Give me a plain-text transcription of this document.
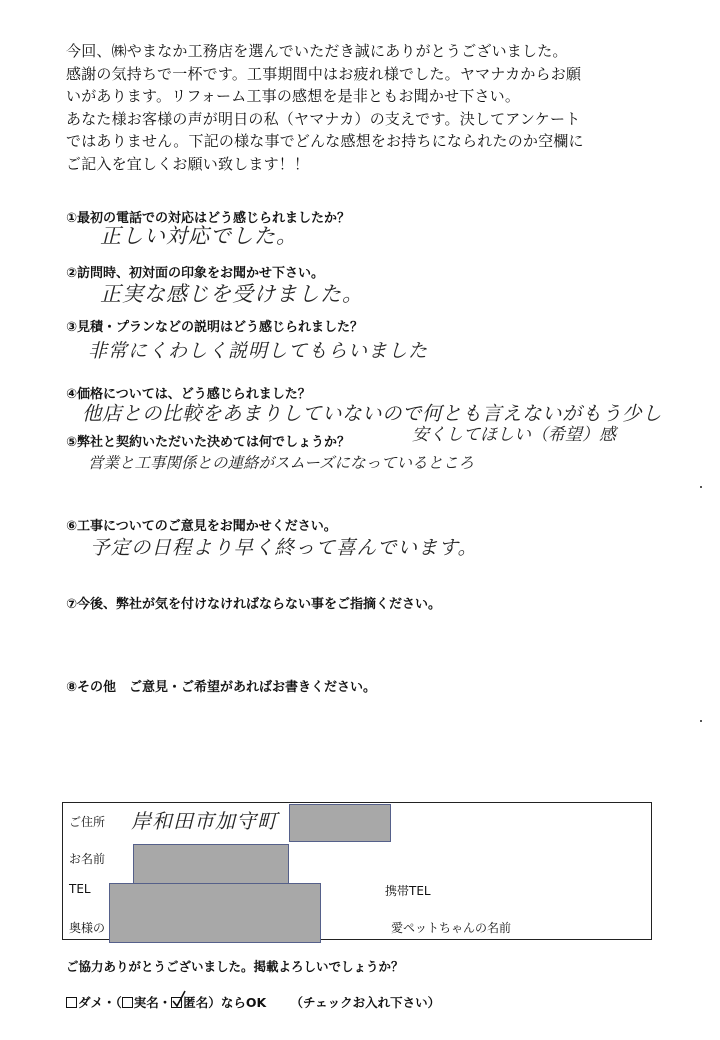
今回、㈱やまなか工務店を選んでいただき誠にありがとうございました。
感謝の気持ちで一杯です。工事期間中はお疲れ様でした。ヤマナカからお願
いがあります。リフォーム工事の感想を是非ともお聞かせ下さい。
あなた様お客様の声が明日の私（ヤマナカ）の支えです。決してアンケート
ではありません。下記の様な事でどんな感想をお持ちになられたのか空欄に
ご記入を宜しくお願い致します！！
①最初の電話での対応はどう感じられましたか？
正しい対応でした。
②訪問時、初対面の印象をお聞かせ下さい。
正実な感じを受けました。
③見積・プランなどの説明はどう感じられました？
非常にくわしく説明してもらいました
④価格については、どう感じられました？
他店との比較をあまりしていないので何とも言えないがもう少し
⑤弊社と契約いただいた決めては何でしょうか？	安くしてほしい（希望）感
営業と工事関係との連絡がスムーズになっているところ
⑥工事についてのご意見をお聞かせください。
予定の日程より早く終って喜んでいます。
⑦今後、弊社が気を付けなければならない事をご指摘ください。
⑧その他　ご意見・ご希望があればお書きください。
ご住所 岸和田市加守町
お名前
TEL	携帯TEL
奥様の	愛ペットちゃんの名前
ご協力ありがとうございました。掲載よろしいでしょうか？
ダメ・（ 実名・ 匿名）ならOK （チェックお入れ下さい）
